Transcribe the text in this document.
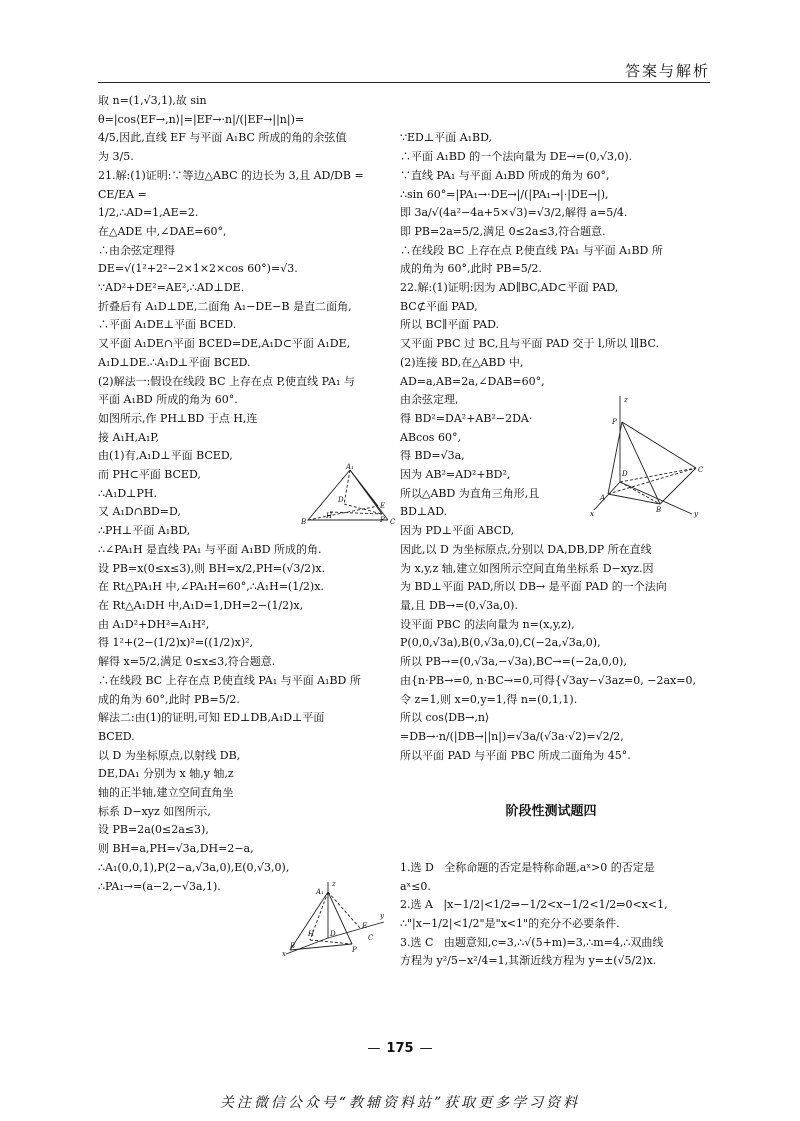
答案与解析
取 n=(1,√3,1),故 sin θ=|cos⟨EF→,n⟩|=|EF→·n|/(|EF→||n|)=
4/5,因此,直线 EF 与平面 A₁BC 所成的角的余弦值
为 3/5.
21.解:(1)证明:∵等边△ABC 的边长为 3,且 AD/DB = CE/EA =
1/2,∴AD=1,AE=2.
在△ADE 中,∠DAE=60°,
∴由余弦定理得
DE=√(1²+2²−2×1×2×cos 60°)=√3.
∵AD²+DE²=AE²,∴AD⊥DE.
折叠后有 A₁D⊥DE,二面角 A₁−DE−B 是直二面角,
∴平面 A₁DE⊥平面 BCED.
又平面 A₁DE∩平面 BCED=DE,A₁D⊂平面 A₁DE,
A₁D⊥DE.∴A₁D⊥平面 BCED.
(2)解法一:假设在线段 BC 上存在点 P,使直线 PA₁ 与
平面 A₁BD 所成的角为 60°.
如图所示,作 PH⊥BD 于点 H,连
接 A₁H,A₁P,
由(1)有,A₁D⊥平面 BCED,
而 PH⊂平面 BCED,
∴A₁D⊥PH.
又 A₁D∩BD=D,
∴PH⊥平面 A₁BD,
∴∠PA₁H 是直线 PA₁ 与平面 A₁BD 所成的角.
设 PB=x(0≤x≤3),则 BH=x/2,PH=(√3/2)x.
在 Rt△PA₁H 中,∠PA₁H=60°,∴A₁H=(1/2)x.
在 Rt△A₁DH 中,A₁D=1,DH=2−(1/2)x,
由 A₁D²+DH²=A₁H²,
得 1²+(2−(1/2)x)²=((1/2)x)²,
解得 x=5/2,满足 0≤x≤3,符合题意.
∴在线段 BC 上存在点 P,使直线 PA₁ 与平面 A₁BD 所
成的角为 60°,此时 PB=5/2.
解法二:由(1)的证明,可知 ED⊥DB,A₁D⊥平面
BCED.
以 D 为坐标原点,以射线 DB,
DE,DA₁ 分别为 x 轴,y 轴,z
轴的正半轴,建立空间直角坐
标系 D−xyz 如图所示,
设 PB=2a(0≤2a≤3),
则 BH=a,PH=√3a,DH=2−a,
∴A₁(0,0,1),P(2−a,√3a,0),E(0,√3,0),
∴PA₁→=(a−2,−√3a,1).

∵ED⊥平面 A₁BD,
∴平面 A₁BD 的一个法向量为 DE→=(0,√3,0).
∵直线 PA₁ 与平面 A₁BD 所成的角为 60°,
∴sin 60°=|PA₁→·DE→|/(|PA₁→|·|DE→|),
即 3a/√(4a²−4a+5×√3)=√3/2,解得 a=5/4.
即 PB=2a=5/2,满足 0≤2a≤3,符合题意.
∴在线段 BC 上存在点 P,使直线 PA₁ 与平面 A₁BD 所
成的角为 60°,此时 PB=5/2.
22.解:(1)证明:因为 AD∥BC,AD⊂平面 PAD,
BC⊄平面 PAD,
所以 BC∥平面 PAD.
又平面 PBC 过 BC,且与平面 PAD 交于 l,所以 l∥BC.
(2)连接 BD,在△ABD 中,
AD=a,AB=2a,∠DAB=60°,
由余弦定理,
得 BD²=DA²+AB²−2DA·
ABcos 60°,
得 BD=√3a,
因为 AB²=AD²+BD²,
所以△ABD 为直角三角形,且
BD⊥AD.
因为 PD⊥平面 ABCD,
因此,以 D 为坐标原点,分别以 DA,DB,DP 所在直线
为 x,y,z 轴,建立如图所示空间直角坐标系 D−xyz.因
为 BD⊥平面 PAD,所以 DB→ 是平面 PAD 的一个法向
量,且 DB→=(0,√3a,0).
设平面 PBC 的法向量为 n=(x,y,z),
P(0,0,√3a),B(0,√3a,0),C(−2a,√3a,0),
所以 PB→=(0,√3a,−√3a),BC→=(−2a,0,0),
由{n·PB→=0, n·BC→=0,可得{√3ay−√3az=0, −2ax=0,
令 z=1,则 x=0,y=1,得 n=(0,1,1).
所以 cos⟨DB→,n⟩=DB→·n/(|DB→||n|)=√3a/(√3a·√2)=√2/2,
所以平面 PAD 与平面 PBC 所成二面角为 45°.

阶段性测试题四

1.选 D   全称命题的否定是特称命题,aˣ>0 的否定是
aˣ≤0.
2.选 A   |x−1/2|<1/2⇒−1/2<x−1/2<1/2⇒0<x<1,
∴"|x−1/2|<1/2"是"x<1"的充分不必要条件.
3.选 C   由题意知,c=3,∴√(5+m)=3,∴m=4,∴双曲线
方程为 y²/5−x²/4=1,其渐近线方程为 y=±(√5/2)x.

A₁
D
B
H
E
C
P
z
A₁
D
H
E
y
P
C
B
x
z
P
D
A
B
C
x	y
— 175 —
关注微信公众号“教辅资料站”获取更多学习资料
